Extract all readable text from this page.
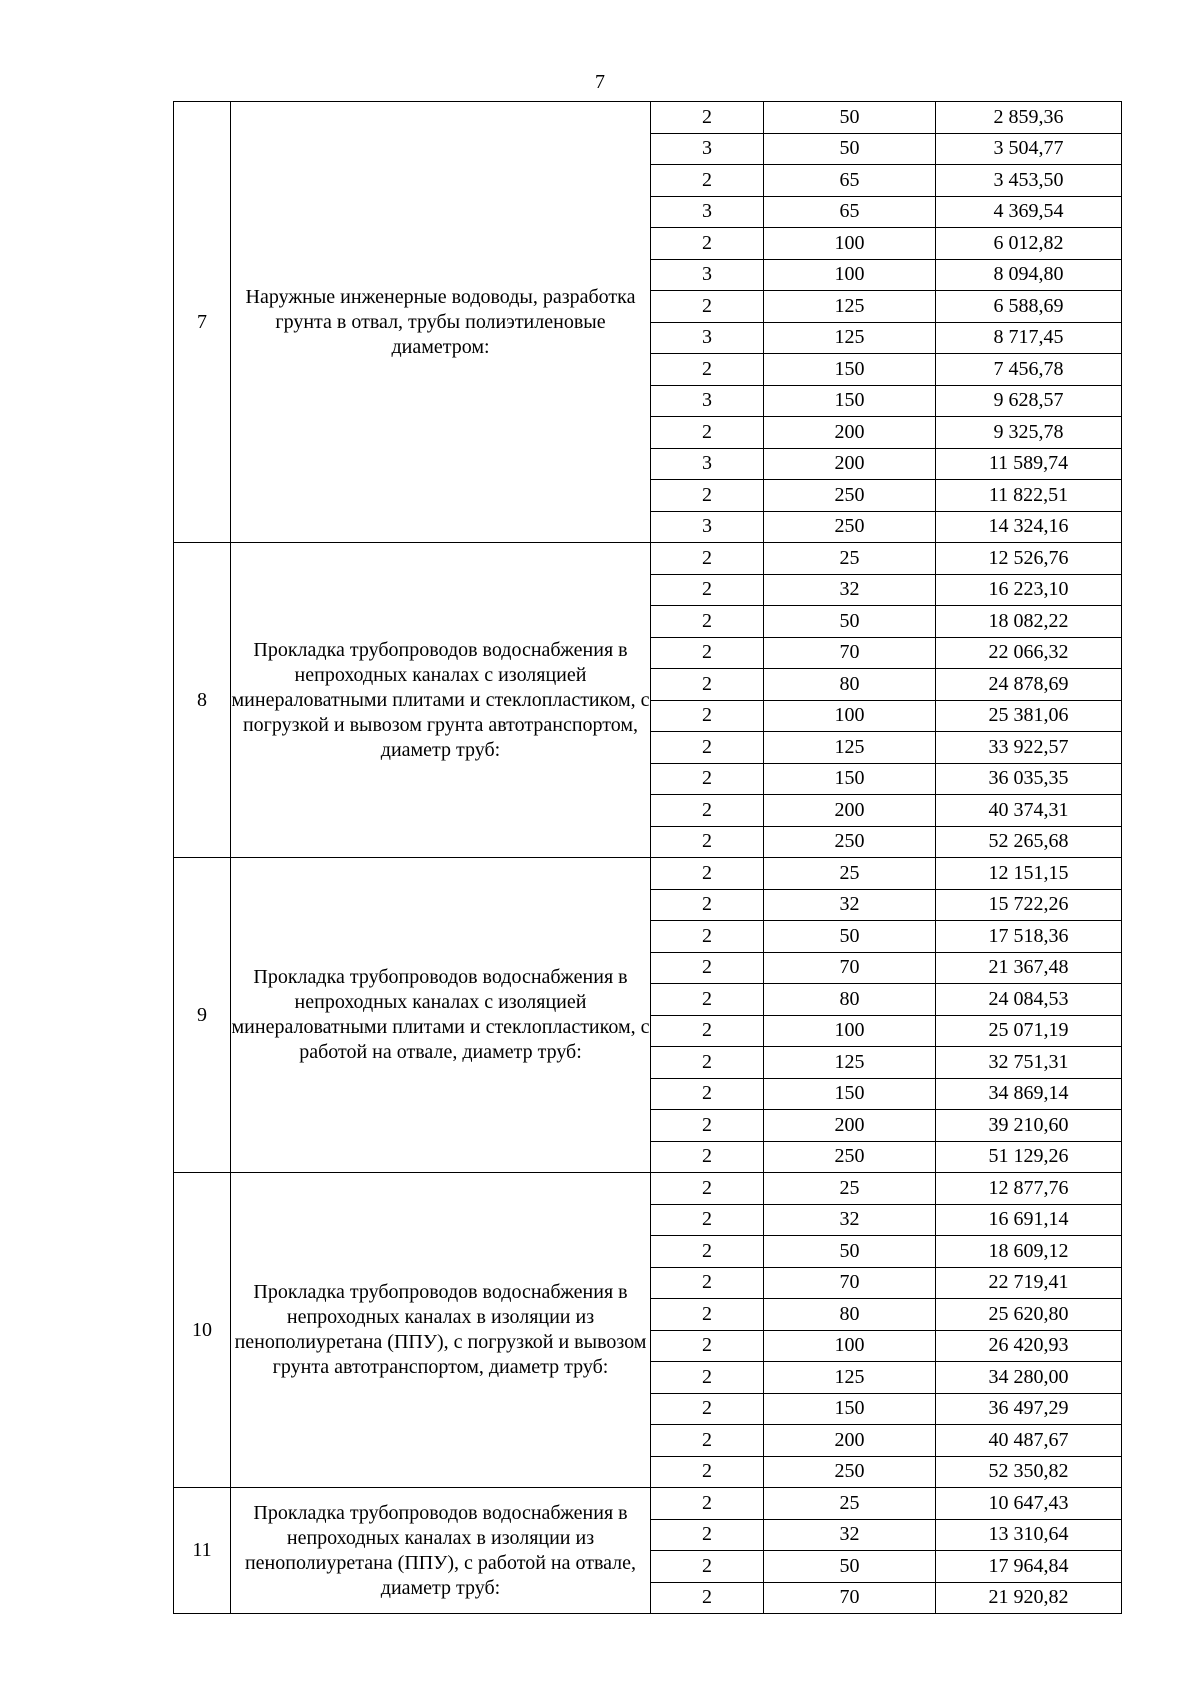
7
7	Наружные инженерные водоводы, разработка грунта в отвал, трубы полиэтиленовые диаметром:	2	50	2 859,36
		3	50	3 504,77
		2	65	3 453,50
		3	65	4 369,54
		2	100	6 012,82
		3	100	8 094,80
		2	125	6 588,69
		3	125	8 717,45
		2	150	7 456,78
		3	150	9 628,57
		2	200	9 325,78
		3	200	11 589,74
		2	250	11 822,51
		3	250	14 324,16
8	Прокладка трубопроводов водоснабжения в непроходных каналах с изоляцией минераловатными плитами и стеклопластиком, с погрузкой и вывозом грунта автотранспортом, диаметр труб:	2	25	12 526,76
		2	32	16 223,10
		2	50	18 082,22
		2	70	22 066,32
		2	80	24 878,69
		2	100	25 381,06
		2	125	33 922,57
		2	150	36 035,35
		2	200	40 374,31
		2	250	52 265,68
9	Прокладка трубопроводов водоснабжения в непроходных каналах с изоляцией минераловатными плитами и стеклопластиком, с работой на отвале, диаметр труб:	2	25	12 151,15
		2	32	15 722,26
		2	50	17 518,36
		2	70	21 367,48
		2	80	24 084,53
		2	100	25 071,19
		2	125	32 751,31
		2	150	34 869,14
		2	200	39 210,60
		2	250	51 129,26
10	Прокладка трубопроводов водоснабжения в непроходных каналах в изоляции из пенополиуретана (ППУ), с погрузкой и вывозом грунта автотранспортом, диаметр труб:	2	25	12 877,76
		2	32	16 691,14
		2	50	18 609,12
		2	70	22 719,41
		2	80	25 620,80
		2	100	26 420,93
		2	125	34 280,00
		2	150	36 497,29
		2	200	40 487,67
		2	250	52 350,82
11	Прокладка трубопроводов водоснабжения в непроходных каналах в изоляции из пенополиуретана (ППУ), с работой на отвале, диаметр труб:	2	25	10 647,43
		2	32	13 310,64
		2	50	17 964,84
		2	70	21 920,82
